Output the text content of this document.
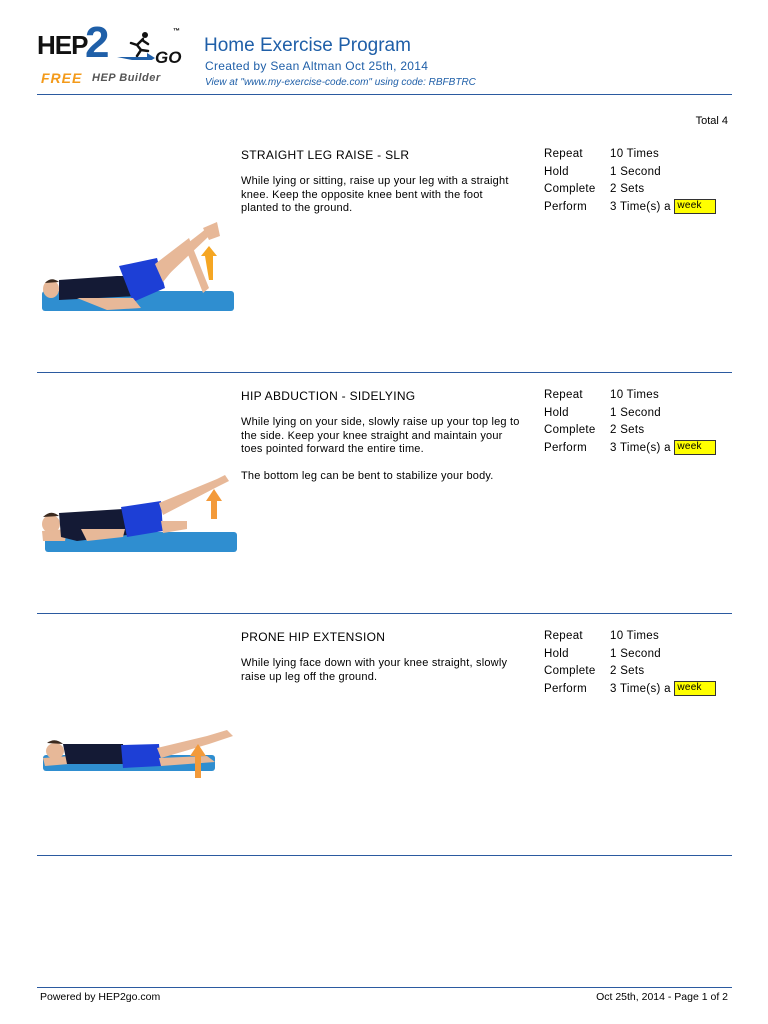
HEP
2	GO
™
FREE HEP Builder
Home Exercise Program
Created by Sean Altman Oct 25th, 2014
View at "www.my-exercise-code.com" using code: RBFBTRC
Total 4
STRAIGHT LEG RAISE - SLR

While lying or sitting, raise up your leg with a straight knee. Keep the opposite knee bent with the foot planted to the ground.

Repeat 10 Times
Hold	1 Second
Complete 2 Sets
Perform 3 Time(s) a week
HIP ABDUCTION - SIDELYING

While lying on your side, slowly raise up your top leg to the side. Keep your knee straight and maintain your toes pointed forward the entire time.

The bottom leg can be bent to stabilize your body.

Repeat 10 Times
Hold	1 Second
Complete 2 Sets
Perform 3 Time(s) a week
PRONE HIP EXTENSION

While lying face down with your knee straight, slowly raise up leg off the ground.

Repeat 10 Times
Hold	1 Second
Complete 2 Sets
Perform 3 Time(s) a week
Powered by HEP2go.com	Oct 25th, 2014 - Page 1 of 2
